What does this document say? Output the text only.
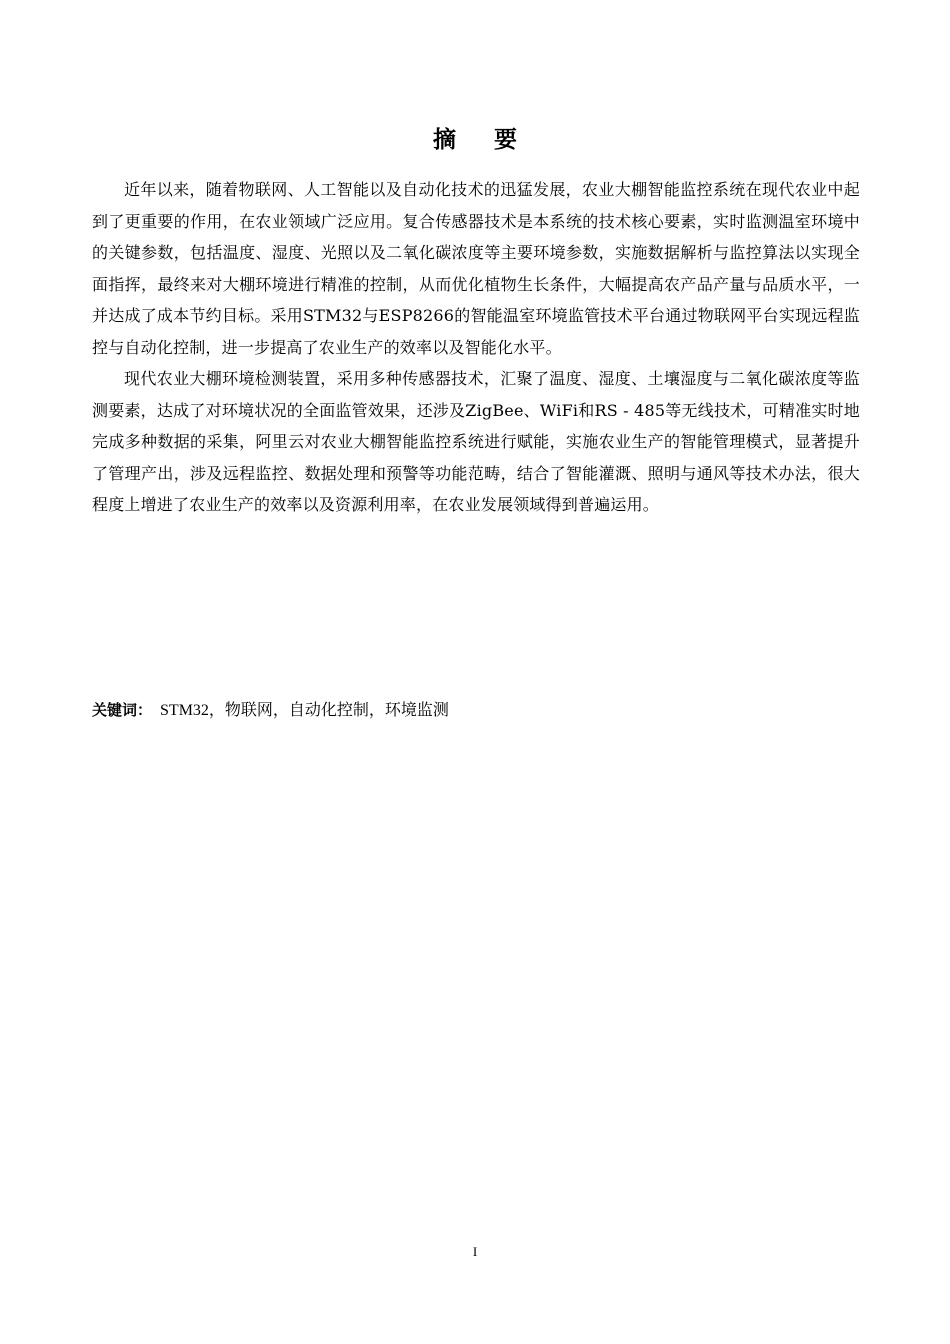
摘 要

近年以来，随着物联网、人工智能以及自动化技术的迅猛发展，农业大棚智能监控系统在现代农业中起到了更重要的作用，在农业领域广泛应用。复合传感器技术是本系统的技术核心要素，实时监测温室环境中的关键参数，包括温度、湿度、光照以及二氧化碳浓度等主要环境参数，实施数据解析与监控算法以实现全面指挥，最终来对大棚环境进行精准的控制，从而优化植物生长条件，大幅提高农产品产量与品质水平，一并达成了成本节约目标。采用STM32与ESP8266的智能温室环境监管技术平台通过物联网平台实现远程监控与自动化控制，进一步提高了农业生产的效率以及智能化水平。

现代农业大棚环境检测装置，采用多种传感器技术，汇聚了温度、湿度、土壤湿度与二氧化碳浓度等监测要素，达成了对环境状况的全面监管效果，还涉及ZigBee、WiFi和RS - 485等无线技术，可精准实时地完成多种数据的采集，阿里云对农业大棚智能监控系统进行赋能，实施农业生产的智能管理模式，显著提升了管理产出，涉及远程监控、数据处理和预警等功能范畴，结合了智能灌溉、照明与通风等技术办法，很大程度上增进了农业生产的效率以及资源利用率，在农业发展领域得到普遍运用。

关键词： STM32，物联网，自动化控制，环境监测
I
